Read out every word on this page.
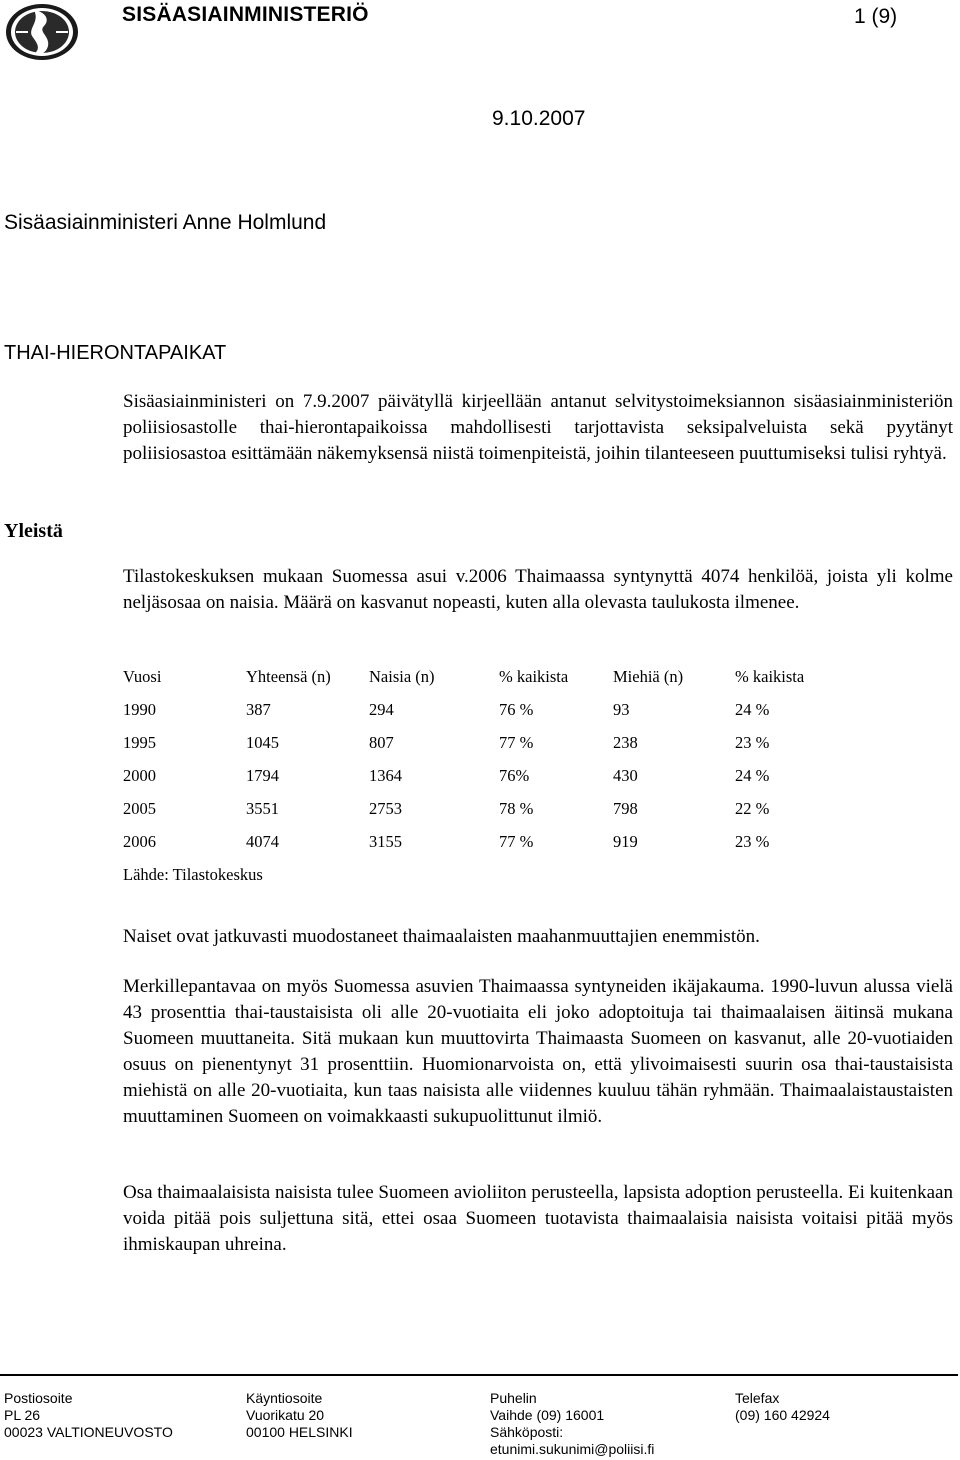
SISÄASIAINMINISTERIÖ	1 (9)
9.10.2007
Sisäasiainministeri Anne Holmlund
THAI-HIERONTAPAIKAT
Yleistä

Sisäasiainministeri on 7.9.2007 päivätyllä kirjeellään antanut selvitystoimeksiannon sisäasiainministeriön poliisiosastolle thai-hierontapaikoissa mahdollisesti tarjottavista seksipalveluista sekä pyytänyt poliisiosastoa esittämään näkemyksensä niistä toimenpiteistä, joihin tilanteeseen puuttumiseksi tulisi ryhtyä.

Tilastokeskuksen mukaan Suomessa asui v.2006 Thaimaassa syntynyttä 4074 henkilöä, joista yli kolme neljäsosaa on naisia. Määrä on kasvanut nopeasti, kuten alla olevasta taulukosta ilmenee.

Vuosi	Yhteensä (n) Naisia (n)	% kaikista	Miehiä (n)	% kaikista
1990	387	294	76 %	93	24 %
1995	1045	807	77 %	238	23 %
2000	1794	1364	76%	430	24 %
2005	3551	2753	78 %	798	22 %
2006	4074	3155	77 %	919	23 %
Lähde: Tilastokeskus

Naiset ovat jatkuvasti muodostaneet thaimaalaisten maahanmuuttajien enemmistön.

Merkillepantavaa on myös Suomessa asuvien Thaimaassa syntyneiden ikäjakauma. 1990-luvun alussa vielä 43 prosenttia thai-taustaisista oli alle 20-vuotiaita eli joko adoptoituja tai thaimaalaisen äitinsä mukana Suomeen muuttaneita. Sitä mukaan kun muuttovirta Thaimaasta Suomeen on kasvanut, alle 20-vuotiaiden osuus on pienentynyt 31 prosenttiin. Huomionarvoista on, että ylivoimaisesti suurin osa thai-taustaisista miehistä on alle 20-vuotiaita, kun taas naisista alle viidennes kuuluu tähän ryhmään. Thaimaalaistaustaisten muuttaminen Suomeen on voimakkaasti sukupuolittunut ilmiö.

Osa thaimaalaisista naisista tulee Suomeen avioliiton perusteella, lapsista adoption perusteella. Ei kuitenkaan voida pitää pois suljettuna sitä, ettei osaa Suomeen tuotavista thaimaalaisia naisista voitaisi pitää myös ihmiskaupan uhreina.

Postiosoite
PL 26
00023 VALTIONEUVOSTO
Käyntiosoite
Vuorikatu 20
00100 HELSINKI
Puhelin
Vaihde (09) 16001
Sähköposti:
etunimi.sukunimi@poliisi.fi
Telefax
(09) 160 42924
